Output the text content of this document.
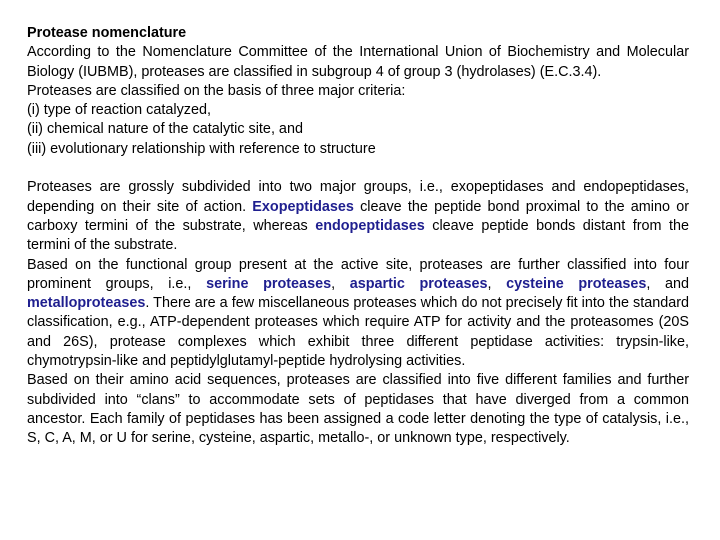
Protease nomenclature

According to the Nomenclature Committee of the International Union of Biochemistry and Molecular Biology (IUBMB), proteases are classified in subgroup 4 of group 3 (hydrolases) (E.C.3.4).

Proteases are classified on the basis of three major criteria:

(i) type of reaction catalyzed,

(ii) chemical nature of the catalytic site, and

(iii) evolutionary relationship with reference to structure

Proteases are grossly subdivided into two major groups, i.e., exopeptidases and endopeptidases, depending on their site of action. Exopeptidases cleave the peptide bond proximal to the amino or carboxy termini of the substrate, whereas endopeptidases cleave peptide bonds distant from the termini of the substrate.

Based on the functional group present at the active site, proteases are further classified into four prominent groups, i.e., serine proteases, aspartic proteases, cysteine proteases, and metalloproteases. There are a few miscellaneous proteases which do not precisely fit into the standard classification, e.g., ATP-dependent proteases which require ATP for activity and the proteasomes (20S and 26S), protease complexes which exhibit three different peptidase activities: trypsin-like, chymotrypsin-like and peptidylglutamyl-peptide hydrolysing activities.

Based on their amino acid sequences, proteases are classified into five different families and further subdivided into “clans” to accommodate sets of peptidases that have diverged from a common ancestor. Each family of peptidases has been assigned a code letter denoting the type of catalysis, i.e., S, C, A, M, or U for serine, cysteine, aspartic, metallo-, or unknown type, respectively.
